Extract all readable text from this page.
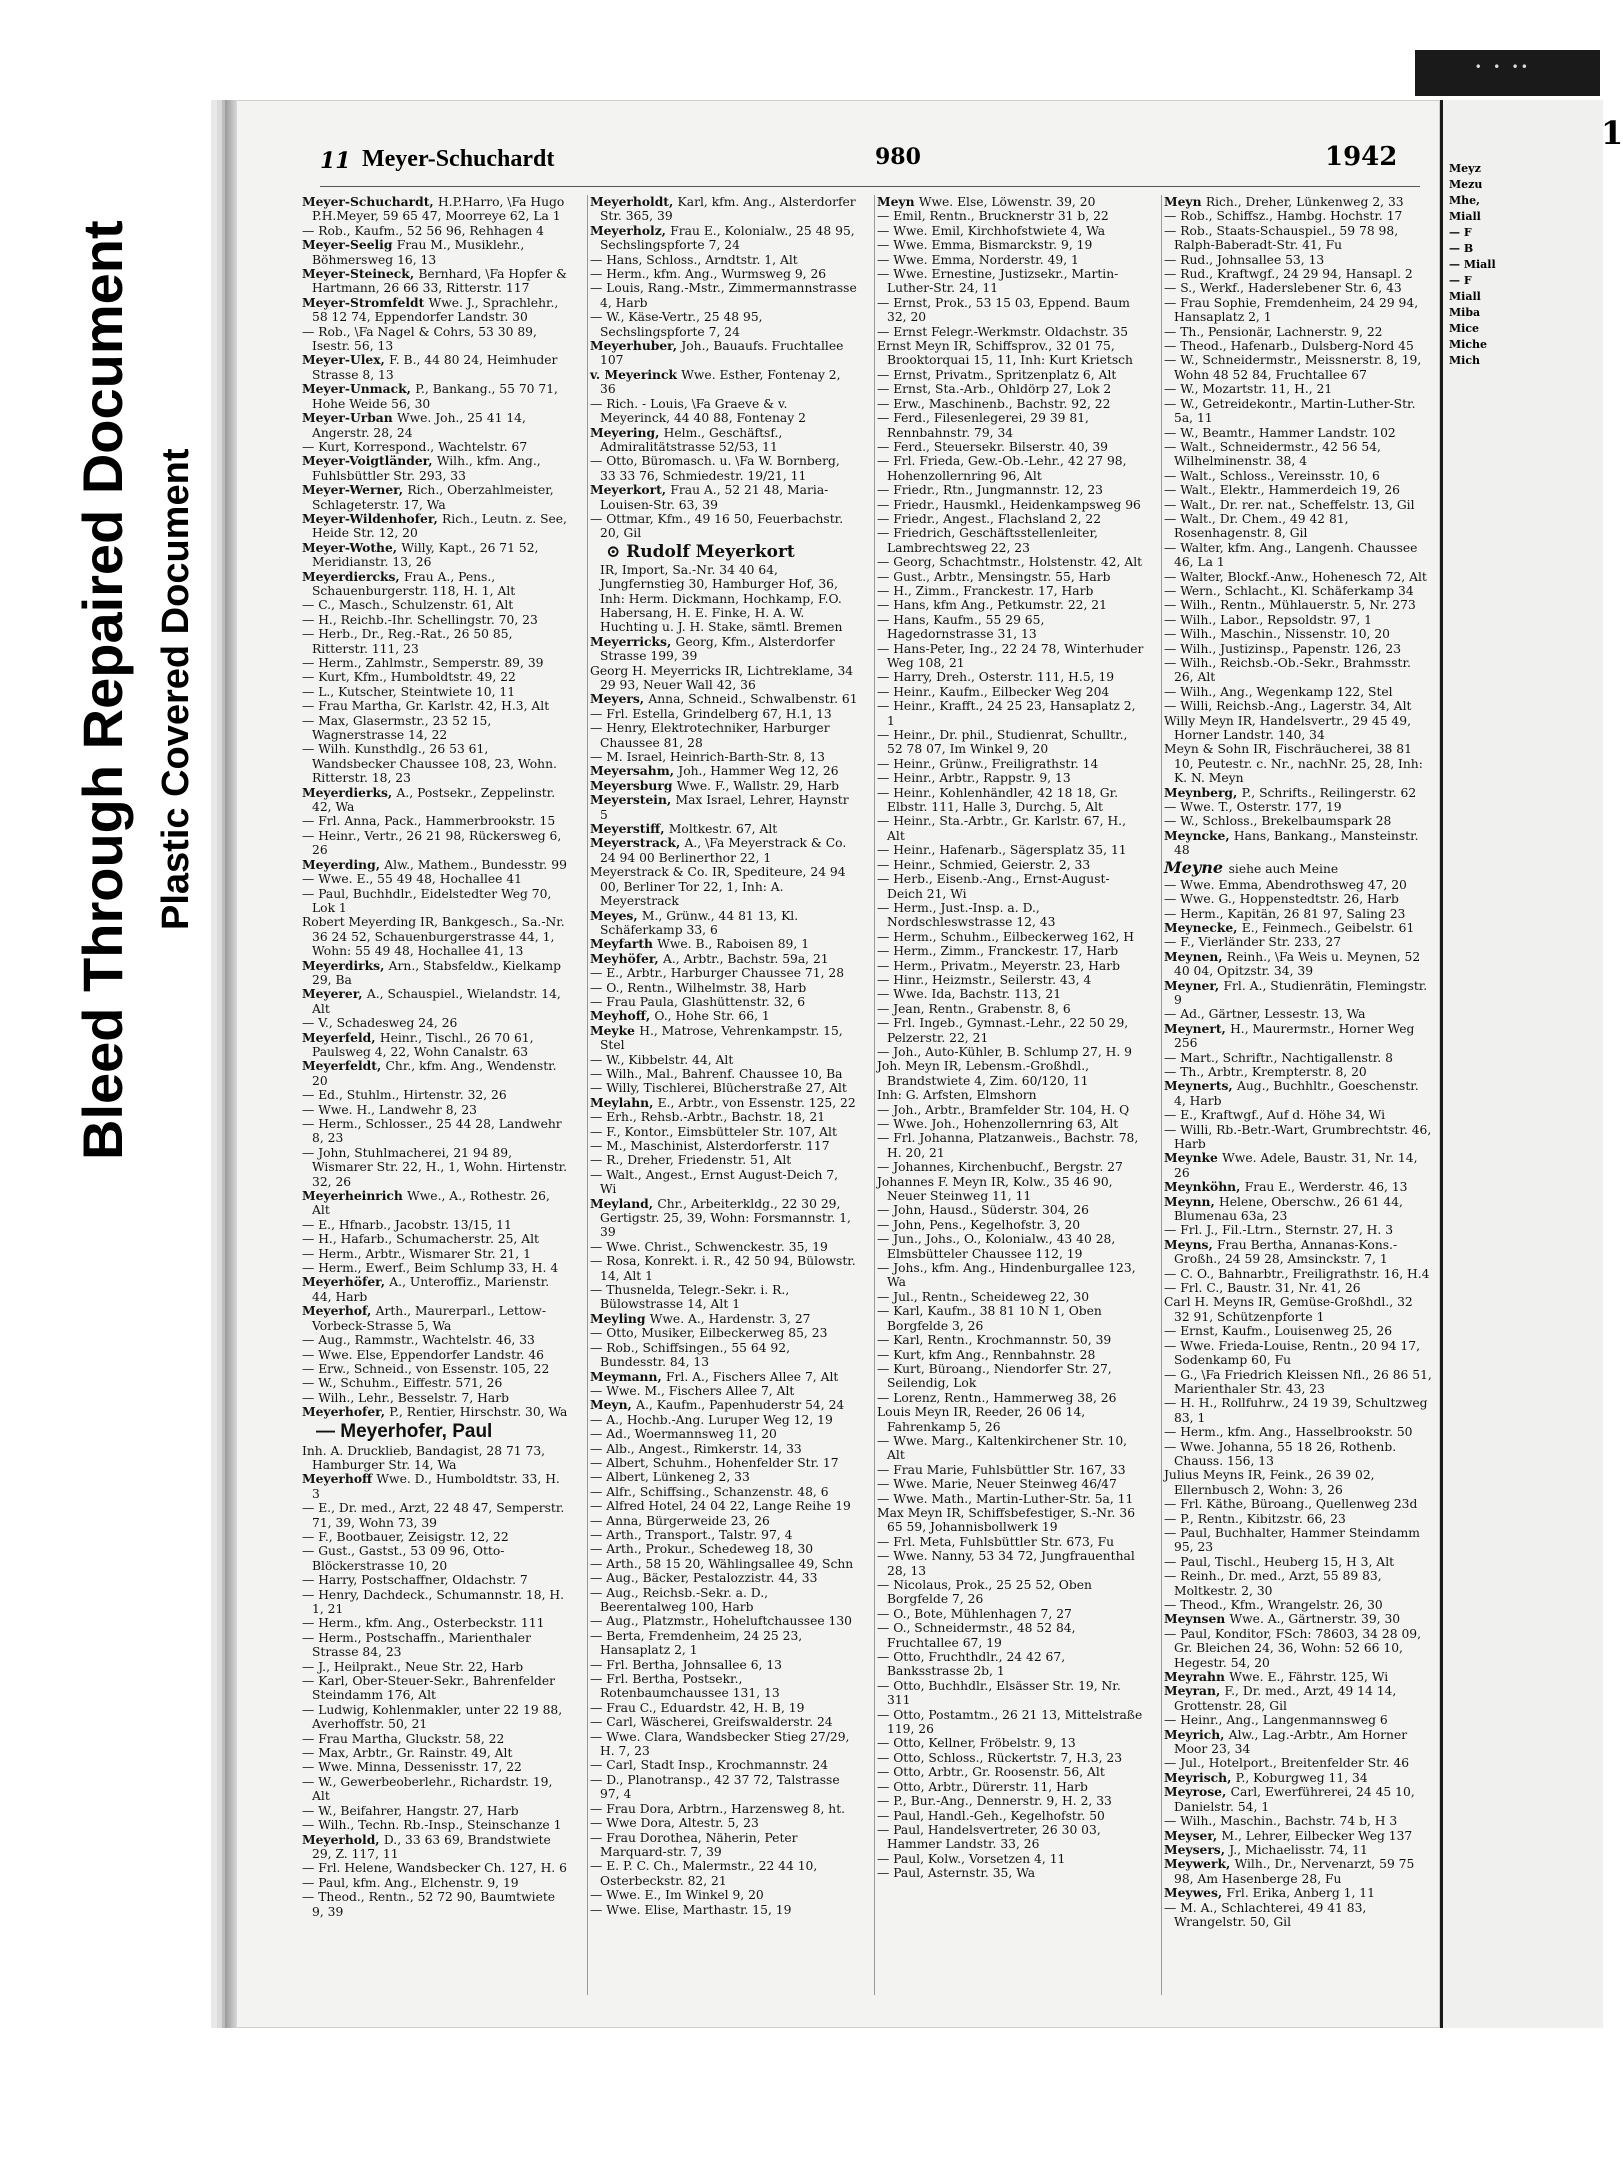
Bleed Through Repaired Document Plastic Covered Document
• • ••
1
Meyz
Mezu
Mhe,
Miall
— F
— B
— Miall
— F
Miall
Miba
Mice
Miche
Mich
11 Meyer-Schuchardt	980	1942
Meyer-Schuchardt, H.P.Harro, \Fa Hugo P.H.Meyer, 59 65 47, Moorreye 62, La 1
— Rob., Kaufm., 52 56 96, Rehhagen 4
Meyer-Seelig Frau M., Musiklehr., Böhmersweg 16, 13
Meyer-Steineck, Bernhard, \Fa Hopfer & Hartmann, 26 66 33, Ritterstr. 117
Meyer-Stromfeldt Wwe. J., Sprachlehr., 58 12 74, Eppendorfer Landstr. 30
— Rob., \Fa Nagel & Cohrs, 53 30 89, Isestr. 56, 13
Meyer-Ulex, F. B., 44 80 24, Heimhuder Strasse 8, 13
Meyer-Unmack, P., Bankang., 55 70 71, Hohe Weide 56, 30
Meyer-Urban Wwe. Joh., 25 41 14, Angerstr. 28, 24
— Kurt, Korrespond., Wachtelstr. 67
Meyer-Voigtländer, Wilh., kfm. Ang., Fuhlsbüttler Str. 293, 33
Meyer-Werner, Rich., Oberzahlmeister, Schlageterstr. 17, Wa
Meyer-Wildenhofer, Rich., Leutn. z. See, Heide Str. 12, 20
Meyer-Wothe, Willy, Kapt., 26 71 52, Meridianstr. 13, 26
Meyerdiercks, Frau A., Pens., Schauenburgerstr. 118, H. 1, Alt
— C., Masch., Schulzenstr. 61, Alt
— H., Reichb.-Ihr. Schellingstr. 70, 23
— Herb., Dr., Reg.-Rat., 26 50 85, Ritterstr. 111, 23
— Herm., Zahlmstr., Semperstr. 89, 39
— Kurt, Kfm., Humboldtstr. 49, 22
— L., Kutscher, Steintwiete 10, 11
— Frau Martha, Gr. Karlstr. 42, H.3, Alt
— Max, Glasermstr., 23 52 15, Wagnerstrasse 14, 22
— Wilh. Kunsthdlg., 26 53 61, Wandsbecker Chaussee 108, 23, Wohn. Ritterstr. 18, 23
Meyerdierks, A., Postsekr., Zeppelinstr. 42, Wa
— Frl. Anna, Pack., Hammerbrookstr. 15
— Heinr., Vertr., 26 21 98, Rückersweg 6, 26
Meyerding, Alw., Mathem., Bundesstr. 99
— Wwe. E., 55 49 48, Hochallee 41
— Paul, Buchhdlr., Eidelstedter Weg 70, Lok 1
Robert Meyerding IR, Bankgesch., Sa.-Nr. 36 24 52, Schauenburgerstrasse 44, 1, Wohn: 55 49 48, Hochallee 41, 13
Meyerdirks, Arn., Stabsfeldw., Kielkamp 29, Ba
Meyerer, A., Schauspiel., Wielandstr. 14, Alt
— V., Schadesweg 24, 26
Meyerfeld, Heinr., Tischl., 26 70 61, Paulsweg 4, 22, Wohn Canalstr. 63
Meyerfeldt, Chr., kfm. Ang., Wendenstr. 20
— Ed., Stuhlm., Hirtenstr. 32, 26
— Wwe. H., Landwehr 8, 23
— Herm., Schlosser., 25 44 28, Landwehr 8, 23
— John, Stuhlmacherei, 21 94 89, Wismarer Str. 22, H., 1, Wohn. Hirtenstr. 32, 26
Meyerheinrich Wwe., A., Rothestr. 26, Alt
— E., Hfnarb., Jacobstr. 13/15, 11
— H., Hafarb., Schumacherstr. 25, Alt
— Herm., Arbtr., Wismarer Str. 21, 1
— Herm., Ewerf., Beim Schlump 33, H. 4
Meyerhöfer, A., Unteroffiz., Marienstr. 44, Harb
Meyerhof, Arth., Maurerparl., Lettow-Vorbeck-Strasse 5, Wa
— Aug., Rammstr., Wachtelstr. 46, 33
— Wwe. Else, Eppendorfer Landstr. 46
— Erw., Schneid., von Essenstr. 105, 22
— W., Schuhm., Eiffestr. 571, 26
— Wilh., Lehr., Besselstr. 7, Harb
Meyerhofer, P., Rentier, Hirschstr. 30, Wa
— Meyerhofer, Paul
Inh. A. Drucklieb, Bandagist, 28 71 73, Hamburger Str. 14, Wa
Meyerhoff Wwe. D., Humboldtstr. 33, H. 3
— E., Dr. med., Arzt, 22 48 47, Semperstr. 71, 39, Wohn 73, 39
— F., Bootbauer, Zeisigstr. 12, 22
— Gust., Gastst., 53 09 96, Otto-Blöckerstrasse 10, 20
— Harry, Postschaffner, Oldachstr. 7
— Henry, Dachdeck., Schumannstr. 18, H. 1, 21
— Herm., kfm. Ang., Osterbeckstr. 111
— Herm., Postschaffn., Marienthaler Strasse 84, 23
— J., Heilprakt., Neue Str. 22, Harb
— Karl, Ober-Steuer-Sekr., Bahrenfelder Steindamm 176, Alt
— Ludwig, Kohlenmakler, unter 22 19 88, Averhoffstr. 50, 21
— Frau Martha, Gluckstr. 58, 22
— Max, Arbtr., Gr. Rainstr. 49, Alt
— Wwe. Minna, Dessenisstr. 17, 22
— W., Gewerbeoberlehr., Richardstr. 19, Alt
— W., Beifahrer, Hangstr. 27, Harb
— Wilh., Techn. Rb.-Insp., Steinschanze 1
Meyerhold, D., 33 63 69, Brandstwiete 29, Z. 117, 11
— Frl. Helene, Wandsbecker Ch. 127, H. 6
— Paul, kfm. Ang., Elchenstr. 9, 19
— Theod., Rentn., 52 72 90, Baumtwiete 9, 39
Meyerholdt, Karl, kfm. Ang., Alsterdorfer Str. 365, 39
Meyerholz, Frau E., Kolonialw., 25 48 95, Sechslingspforte 7, 24
— Hans, Schloss., Arndtstr. 1, Alt
— Herm., kfm. Ang., Wurmsweg 9, 26
— Louis, Rang.-Mstr., Zimmermannstrasse 4, Harb
— W., Käse-Vertr., 25 48 95, Sechslingspforte 7, 24
Meyerhuber, Joh., Bauaufs. Fruchtallee 107
v. Meyerinck Wwe. Esther, Fontenay 2, 36
— Rich. - Louis, \Fa Graeve & v. Meyerinck, 44 40 88, Fontenay 2
Meyering, Helm., Geschäftsf., Admiralitätstrasse 52/53, 11
— Otto, Büromasch. u. \Fa W. Bornberg, 33 33 76, Schmiedestr. 19/21, 11
Meyerkort, Frau A., 52 21 48, Maria-Louisen-Str. 63, 39
— Ottmar, Kfm., 49 16 50, Feuerbachstr. 20, Gil
⊙ Rudolf Meyerkort
IR, Import, Sa.-Nr. 34 40 64, Jungfernstieg 30, Hamburger Hof, 36, Inh: Herm. Dickmann, Hochkamp, F.O. Habersang, H. E. Finke, H. A. W. Huchting u. J. H. Stake, sämtl. Bremen
Meyerricks, Georg, Kfm., Alsterdorfer Strasse 199, 39
Georg H. Meyerricks IR, Lichtreklame, 34 29 93, Neuer Wall 42, 36
Meyers, Anna, Schneid., Schwalbenstr. 61
— Frl. Estella, Grindelberg 67, H.1, 13
— Henry, Elektrotechniker, Harburger Chaussee 81, 28
— M. Israel, Heinrich-Barth-Str. 8, 13
Meyersahm, Joh., Hammer Weg 12, 26
Meyersburg Wwe. F., Wallstr. 29, Harb
Meyerstein, Max Israel, Lehrer, Haynstr 5
Meyerstiff, Moltkestr. 67, Alt
Meyerstrack, A., \Fa Meyerstrack & Co. 24 94 00 Berlinerthor 22, 1
Meyerstrack & Co. IR, Spediteure, 24 94 00, Berliner Tor 22, 1, Inh: A. Meyerstrack
Meyes, M., Grünw., 44 81 13, Kl. Schäferkamp 33, 6
Meyfarth Wwe. B., Raboisen 89, 1
Meyhöfer, A., Arbtr., Bachstr. 59a, 21
— E., Arbtr., Harburger Chaussee 71, 28
— O., Rentn., Wilhelmstr. 38, Harb
— Frau Paula, Glashüttenstr. 32, 6
Meyhoff, O., Hohe Str. 66, 1
Meyke H., Matrose, Vehrenkampstr. 15, Stel
— W., Kibbelstr. 44, Alt
— Wilh., Mal., Bahrenf. Chaussee 10, Ba
— Willy, Tischlerei, Blücherstraße 27, Alt
Meylahn, E., Arbtr., von Essenstr. 125, 22
— Erh., Rehsb.-Arbtr., Bachstr. 18, 21
— F., Kontor., Eimsbütteler Str. 107, Alt
— M., Maschinist, Alsterdorferstr. 117
— R., Dreher, Friedenstr. 51, Alt
— Walt., Angest., Ernst August-Deich 7, Wi
Meyland, Chr., Arbeiterkldg., 22 30 29, Gertigstr. 25, 39, Wohn: Forsmannstr. 1, 39
— Wwe. Christ., Schwenckestr. 35, 19
— Rosa, Konrekt. i. R., 42 50 94, Bülowstr. 14, Alt 1
— Thusnelda, Telegr.-Sekr. i. R., Bülowstrasse 14, Alt 1
Meyling Wwe. A., Hardenstr. 3, 27
— Otto, Musiker, Eilbeckerweg 85, 23
— Rob., Schiffsingen., 55 64 92, Bundesstr. 84, 13
Meymann, Frl. A., Fischers Allee 7, Alt
— Wwe. M., Fischers Allee 7, Alt
Meyn, A., Kaufm., Papenhuderstr 54, 24
— A., Hochb.-Ang. Luruper Weg 12, 19
— Ad., Woermannsweg 11, 20
— Alb., Angest., Rimkerstr. 14, 33
— Albert, Schuhm., Hohenfelder Str. 17
— Albert, Lünkeneg 2, 33
— Alfr., Schiffsing., Schanzenstr. 48, 6
— Alfred Hotel, 24 04 22, Lange Reihe 19
— Anna, Bürgerweide 23, 26
— Arth., Transport., Talstr. 97, 4
— Arth., Prokur., Schedeweg 18, 30
— Arth., 58 15 20, Wählingsallee 49, Schn
— Aug., Bäcker, Pestalozzistr. 44, 33
— Aug., Reichsb.-Sekr. a. D., Beerentalweg 100, Harb
— Aug., Platzmstr., Hoheluftchaussee 130
— Berta, Fremdenheim, 24 25 23, Hansaplatz 2, 1
— Frl. Bertha, Johnsallee 6, 13
— Frl. Bertha, Postsekr., Rotenbaumchaussee 131, 13
— Frau C., Eduardstr. 42, H. B, 19
— Carl, Wäscherei, Greifswalderstr. 24
— Wwe. Clara, Wandsbecker Stieg 27/29, H. 7, 23
— Carl, Stadt Insp., Krochmannstr. 24
— D., Planotransp., 42 37 72, Talstrasse 97, 4
— Frau Dora, Arbtrn., Harzensweg 8, ht.
— Wwe Dora, Altestr. 5, 23
— Frau Dorothea, Näherin, Peter Marquard-str. 7, 39
— E. P. C. Ch., Malermstr., 22 44 10, Osterbeckstr. 82, 21
— Wwe. E., Im Winkel 9, 20
— Wwe. Elise, Marthastr. 15, 19
Meyn Wwe. Else, Löwenstr. 39, 20
— Emil, Rentn., Brucknerstr 31 b, 22
— Wwe. Emil, Kirchhofstwiete 4, Wa
— Wwe. Emma, Bismarckstr. 9, 19
— Wwe. Emma, Norderstr. 49, 1
— Wwe. Ernestine, Justizsekr., Martin-Luther-Str. 24, 11
— Ernst, Prok., 53 15 03, Eppend. Baum 32, 20
— Ernst Felegr.-Werkmstr. Oldachstr. 35
Ernst Meyn IR, Schiffsprov., 32 01 75, Brooktorquai 15, 11, Inh: Kurt Krietsch
— Ernst, Privatm., Spritzenplatz 6, Alt
— Ernst, Sta.-Arb., Ohldörp 27, Lok 2
— Erw., Maschinenb., Bachstr. 92, 22
— Ferd., Filesenlegerei, 29 39 81, Rennbahnstr. 79, 34
— Ferd., Steuersekr. Bilserstr. 40, 39
— Frl. Frieda, Gew.-Ob.-Lehr., 42 27 98, Hohenzollernring 96, Alt
— Friedr., Rtn., Jungmannstr. 12, 23
— Friedr., Hausmkl., Heidenkampsweg 96
— Friedr., Angest., Flachsland 2, 22
— Friedrich, Geschäftsstellenleiter, Lambrechtsweg 22, 23
— Georg, Schachtmstr., Holstenstr. 42, Alt
— Gust., Arbtr., Mensingstr. 55, Harb
— H., Zimm., Franckestr. 17, Harb
— Hans, kfm Ang., Petkumstr. 22, 21
— Hans, Kaufm., 55 29 65, Hagedornstrasse 31, 13
— Hans-Peter, Ing., 22 24 78, Winterhuder Weg 108, 21
— Harry, Dreh., Osterstr. 111, H.5, 19
— Heinr., Kaufm., Eilbecker Weg 204
— Heinr., Krafft., 24 25 23, Hansaplatz 2, 1
— Heinr., Dr. phil., Studienrat, Schulltr., 52 78 07, Im Winkel 9, 20
— Heinr., Grünw., Freiligrathstr. 14
— Heinr., Arbtr., Rappstr. 9, 13
— Heinr., Kohlenhändler, 42 18 18, Gr. Elbstr. 111, Halle 3, Durchg. 5, Alt
— Heinr., Sta.-Arbtr., Gr. Karlstr. 67, H., Alt
— Heinr., Hafenarb., Sägersplatz 35, 11
— Heinr., Schmied, Geierstr. 2, 33
— Herb., Eisenb.-Ang., Ernst-August-Deich 21, Wi
— Herm., Just.-Insp. a. D., Nordschleswstrasse 12, 43
— Herm., Schuhm., Eilbeckerweg 162, H
— Herm., Zimm., Franckestr. 17, Harb
— Herm., Privatm., Meyerstr. 23, Harb
— Hinr., Heizmstr., Seilerstr. 43, 4
— Wwe. Ida, Bachstr. 113, 21
— Jean, Rentn., Grabenstr. 8, 6
— Frl. Ingeb., Gymnast.-Lehr., 22 50 29, Pelzerstr. 22, 21
— Joh., Auto-Kühler, B. Schlump 27, H. 9
Joh. Meyn IR, Lebensm.-Großhdl., Brandstwiete 4, Zim. 60/120, 11
Inh: G. Arfsten, Elmshorn
— Joh., Arbtr., Bramfelder Str. 104, H. Q
— Wwe. Joh., Hohenzollernring 63, Alt
— Frl. Johanna, Platzanweis., Bachstr. 78, H. 20, 21
— Johannes, Kirchenbuchf., Bergstr. 27
Johannes F. Meyn IR, Kolw., 35 46 90, Neuer Steinweg 11, 11
— John, Hausd., Süderstr. 304, 26
— John, Pens., Kegelhofstr. 3, 20
— Jun., Johs., O., Kolonialw., 43 40 28, Elmsbütteler Chaussee 112, 19
— Johs., kfm. Ang., Hindenburgallee 123, Wa
— Jul., Rentn., Scheideweg 22, 30
— Karl, Kaufm., 38 81 10 N 1, Oben Borgfelde 3, 26
— Karl, Rentn., Krochmannstr. 50, 39
— Kurt, kfm Ang., Rennbahnstr. 28
— Kurt, Büroang., Niendorfer Str. 27, Seilendig, Lok
— Lorenz, Rentn., Hammerweg 38, 26
Louis Meyn IR, Reeder, 26 06 14, Fahrenkamp 5, 26
— Wwe. Marg., Kaltenkirchener Str. 10, Alt
— Frau Marie, Fuhlsbüttler Str. 167, 33
— Wwe. Marie, Neuer Steinweg 46/47
— Wwe. Math., Martin-Luther-Str. 5a, 11
Max Meyn IR, Schiffsbefestiger, S.-Nr. 36 65 59, Johannisbollwerk 19
— Frl. Meta, Fuhlsbüttler Str. 673, Fu
— Wwe. Nanny, 53 34 72, Jungfrauenthal 28, 13
— Nicolaus, Prok., 25 25 52, Oben Borgfelde 7, 26
— O., Bote, Mühlenhagen 7, 27
— O., Schneidermstr., 48 52 84, Fruchtallee 67, 19
— Otto, Fruchthdlr., 24 42 67, Banksstrasse 2b, 1
— Otto, Buchhdlr., Elsässer Str. 19, Nr. 311
— Otto, Postamtm., 26 21 13, Mittelstraße 119, 26
— Otto, Kellner, Fröbelstr. 9, 13
— Otto, Schloss., Rückertstr. 7, H.3, 23
— Otto, Arbtr., Gr. Roosenstr. 56, Alt
— Otto, Arbtr., Dürerstr. 11, Harb
— P., Bur.-Ang., Dennerstr. 9, H. 2, 33
— Paul, Handl.-Geh., Kegelhofstr. 50
— Paul, Handelsvertreter, 26 30 03, Hammer Landstr. 33, 26
— Paul, Kolw., Vorsetzen 4, 11
— Paul, Asternstr. 35, Wa
Meyn Rich., Dreher, Lünkenweg 2, 33
— Rob., Schiffsz., Hambg. Hochstr. 17
— Rob., Staats-Schauspiel., 59 78 98, Ralph-Baberadt-Str. 41, Fu
— Rud., Johnsallee 53, 13
— Rud., Kraftwgf., 24 29 94, Hansapl. 2
— S., Werkf., Haderslebener Str. 6, 43
— Frau Sophie, Fremdenheim, 24 29 94, Hansaplatz 2, 1
— Th., Pensionär, Lachnerstr. 9, 22
— Theod., Hafenarb., Dulsberg-Nord 45
— W., Schneidermstr., Meissnerstr. 8, 19, Wohn 48 52 84, Fruchtallee 67
— W., Mozartstr. 11, H., 21
— W., Getreidekontr., Martin-Luther-Str. 5a, 11
— W., Beamtr., Hammer Landstr. 102
— Walt., Schneidermstr., 42 56 54, Wilhelminenstr. 38, 4
— Walt., Schloss., Vereinsstr. 10, 6
— Walt., Elektr., Hammerdeich 19, 26
— Walt., Dr. rer. nat., Scheffelstr. 13, Gil
— Walt., Dr. Chem., 49 42 81, Rosenhagenstr. 8, Gil
— Walter, kfm. Ang., Langenh. Chaussee 46, La 1
— Walter, Blockf.-Anw., Hohenesch 72, Alt
— Wern., Schlacht., Kl. Schäferkamp 34
— Wilh., Rentn., Mühlauerstr. 5, Nr. 273
— Wilh., Labor., Repsoldstr. 97, 1
— Wilh., Maschin., Nissenstr. 10, 20
— Wilh., Justizinsp., Papenstr. 126, 23
— Wilh., Reichsb.-Ob.-Sekr., Brahmsstr. 26, Alt
— Wilh., Ang., Wegenkamp 122, Stel
— Willi, Reichsb.-Ang., Lagerstr. 34, Alt
Willy Meyn IR, Handelsvertr., 29 45 49, Horner Landstr. 140, 34
Meyn & Sohn IR, Fischräucherei, 38 81 10, Peutestr. c. Nr., nachNr. 25, 28, Inh: K. N. Meyn
Meynberg, P., Schrifts., Reilingerstr. 62
— Wwe. T., Osterstr. 177, 19
— W., Schloss., Brekelbaumspark 28
Meyncke, Hans, Bankang., Mansteinstr. 48
Meyne siehe auch Meine
— Wwe. Emma, Abendrothsweg 47, 20
— Wwe. G., Hoppenstedtstr. 26, Harb
— Herm., Kapitän, 26 81 97, Saling 23
Meynecke, E., Feinmech., Geibelstr. 61
— F., Vierländer Str. 233, 27
Meynen, Reinh., \Fa Weis u. Meynen, 52 40 04, Opitzstr. 34, 39
Meyner, Frl. A., Studienrätin, Flemingstr. 9
— Ad., Gärtner, Lessestr. 13, Wa
Meynert, H., Maurermstr., Horner Weg 256
— Mart., Schriftr., Nachtigallenstr. 8
— Th., Arbtr., Krempterstr. 8, 20
Meynerts, Aug., Buchhltr., Goeschenstr. 4, Harb
— E., Kraftwgf., Auf d. Höhe 34, Wi
— Willi, Rb.-Betr.-Wart, Grumbrechtstr. 46, Harb
Meynke Wwe. Adele, Baustr. 31, Nr. 14, 26
Meynköhn, Frau E., Werderstr. 46, 13
Meynn, Helene, Oberschw., 26 61 44, Blumenau 63a, 23
— Frl. J., Fil.-Ltrn., Sternstr. 27, H. 3
Meyns, Frau Bertha, Annanas-Kons.-Großh., 24 59 28, Amsinckstr. 7, 1
— C. O., Bahnarbtr., Freiligrathstr. 16, H.4
— Frl. C., Baustr. 31, Nr. 41, 26
Carl H. Meyns IR, Gemüse-Großhdl., 32 32 91, Schützenpforte 1
— Ernst, Kaufm., Louisenweg 25, 26
— Wwe. Frieda-Louise, Rentn., 20 94 17, Sodenkamp 60, Fu
— G., \Fa Friedrich Kleissen Nfl., 26 86 51, Marienthaler Str. 43, 23
— H. H., Rollfuhrw., 24 19 39, Schultzweg 83, 1
— Herm., kfm. Ang., Hasselbrookstr. 50
— Wwe. Johanna, 55 18 26, Rothenb. Chauss. 156, 13
Julius Meyns IR, Feink., 26 39 02, Ellernbusch 2, Wohn: 3, 26
— Frl. Käthe, Büroang., Quellenweg 23d
— P., Rentn., Kibitzstr. 66, 23
— Paul, Buchhalter, Hammer Steindamm 95, 23
— Paul, Tischl., Heuberg 15, H 3, Alt
— Reinh., Dr. med., Arzt, 55 89 83, Moltkestr. 2, 30
— Theod., Kfm., Wrangelstr. 26, 30
Meynsen Wwe. A., Gärtnerstr. 39, 30
— Paul, Konditor, FSch: 78603, 34 28 09, Gr. Bleichen 24, 36, Wohn: 52 66 10, Hegestr. 54, 20
Meyrahn Wwe. E., Fährstr. 125, Wi
Meyran, F., Dr. med., Arzt, 49 14 14, Grottenstr. 28, Gil
— Heinr., Ang., Langenmannsweg 6
Meyrich, Alw., Lag.-Arbtr., Am Horner Moor 23, 34
— Jul., Hotelport., Breitenfelder Str. 46
Meyrisch, P., Koburgweg 11, 34
Meyrose, Carl, Ewerführerei, 24 45 10, Danielstr. 54, 1
— Wilh., Maschin., Bachstr. 74 b, H 3
Meyser, M., Lehrer, Eilbecker Weg 137
Meysers, J., Michaelisstr. 74, 11
Meywerk, Wilh., Dr., Nervenarzt, 59 75 98, Am Hasenberge 28, Fu
Meywes, Frl. Erika, Anberg 1, 11
— M. A., Schlachterei, 49 41 83, Wrangelstr. 50, Gil
